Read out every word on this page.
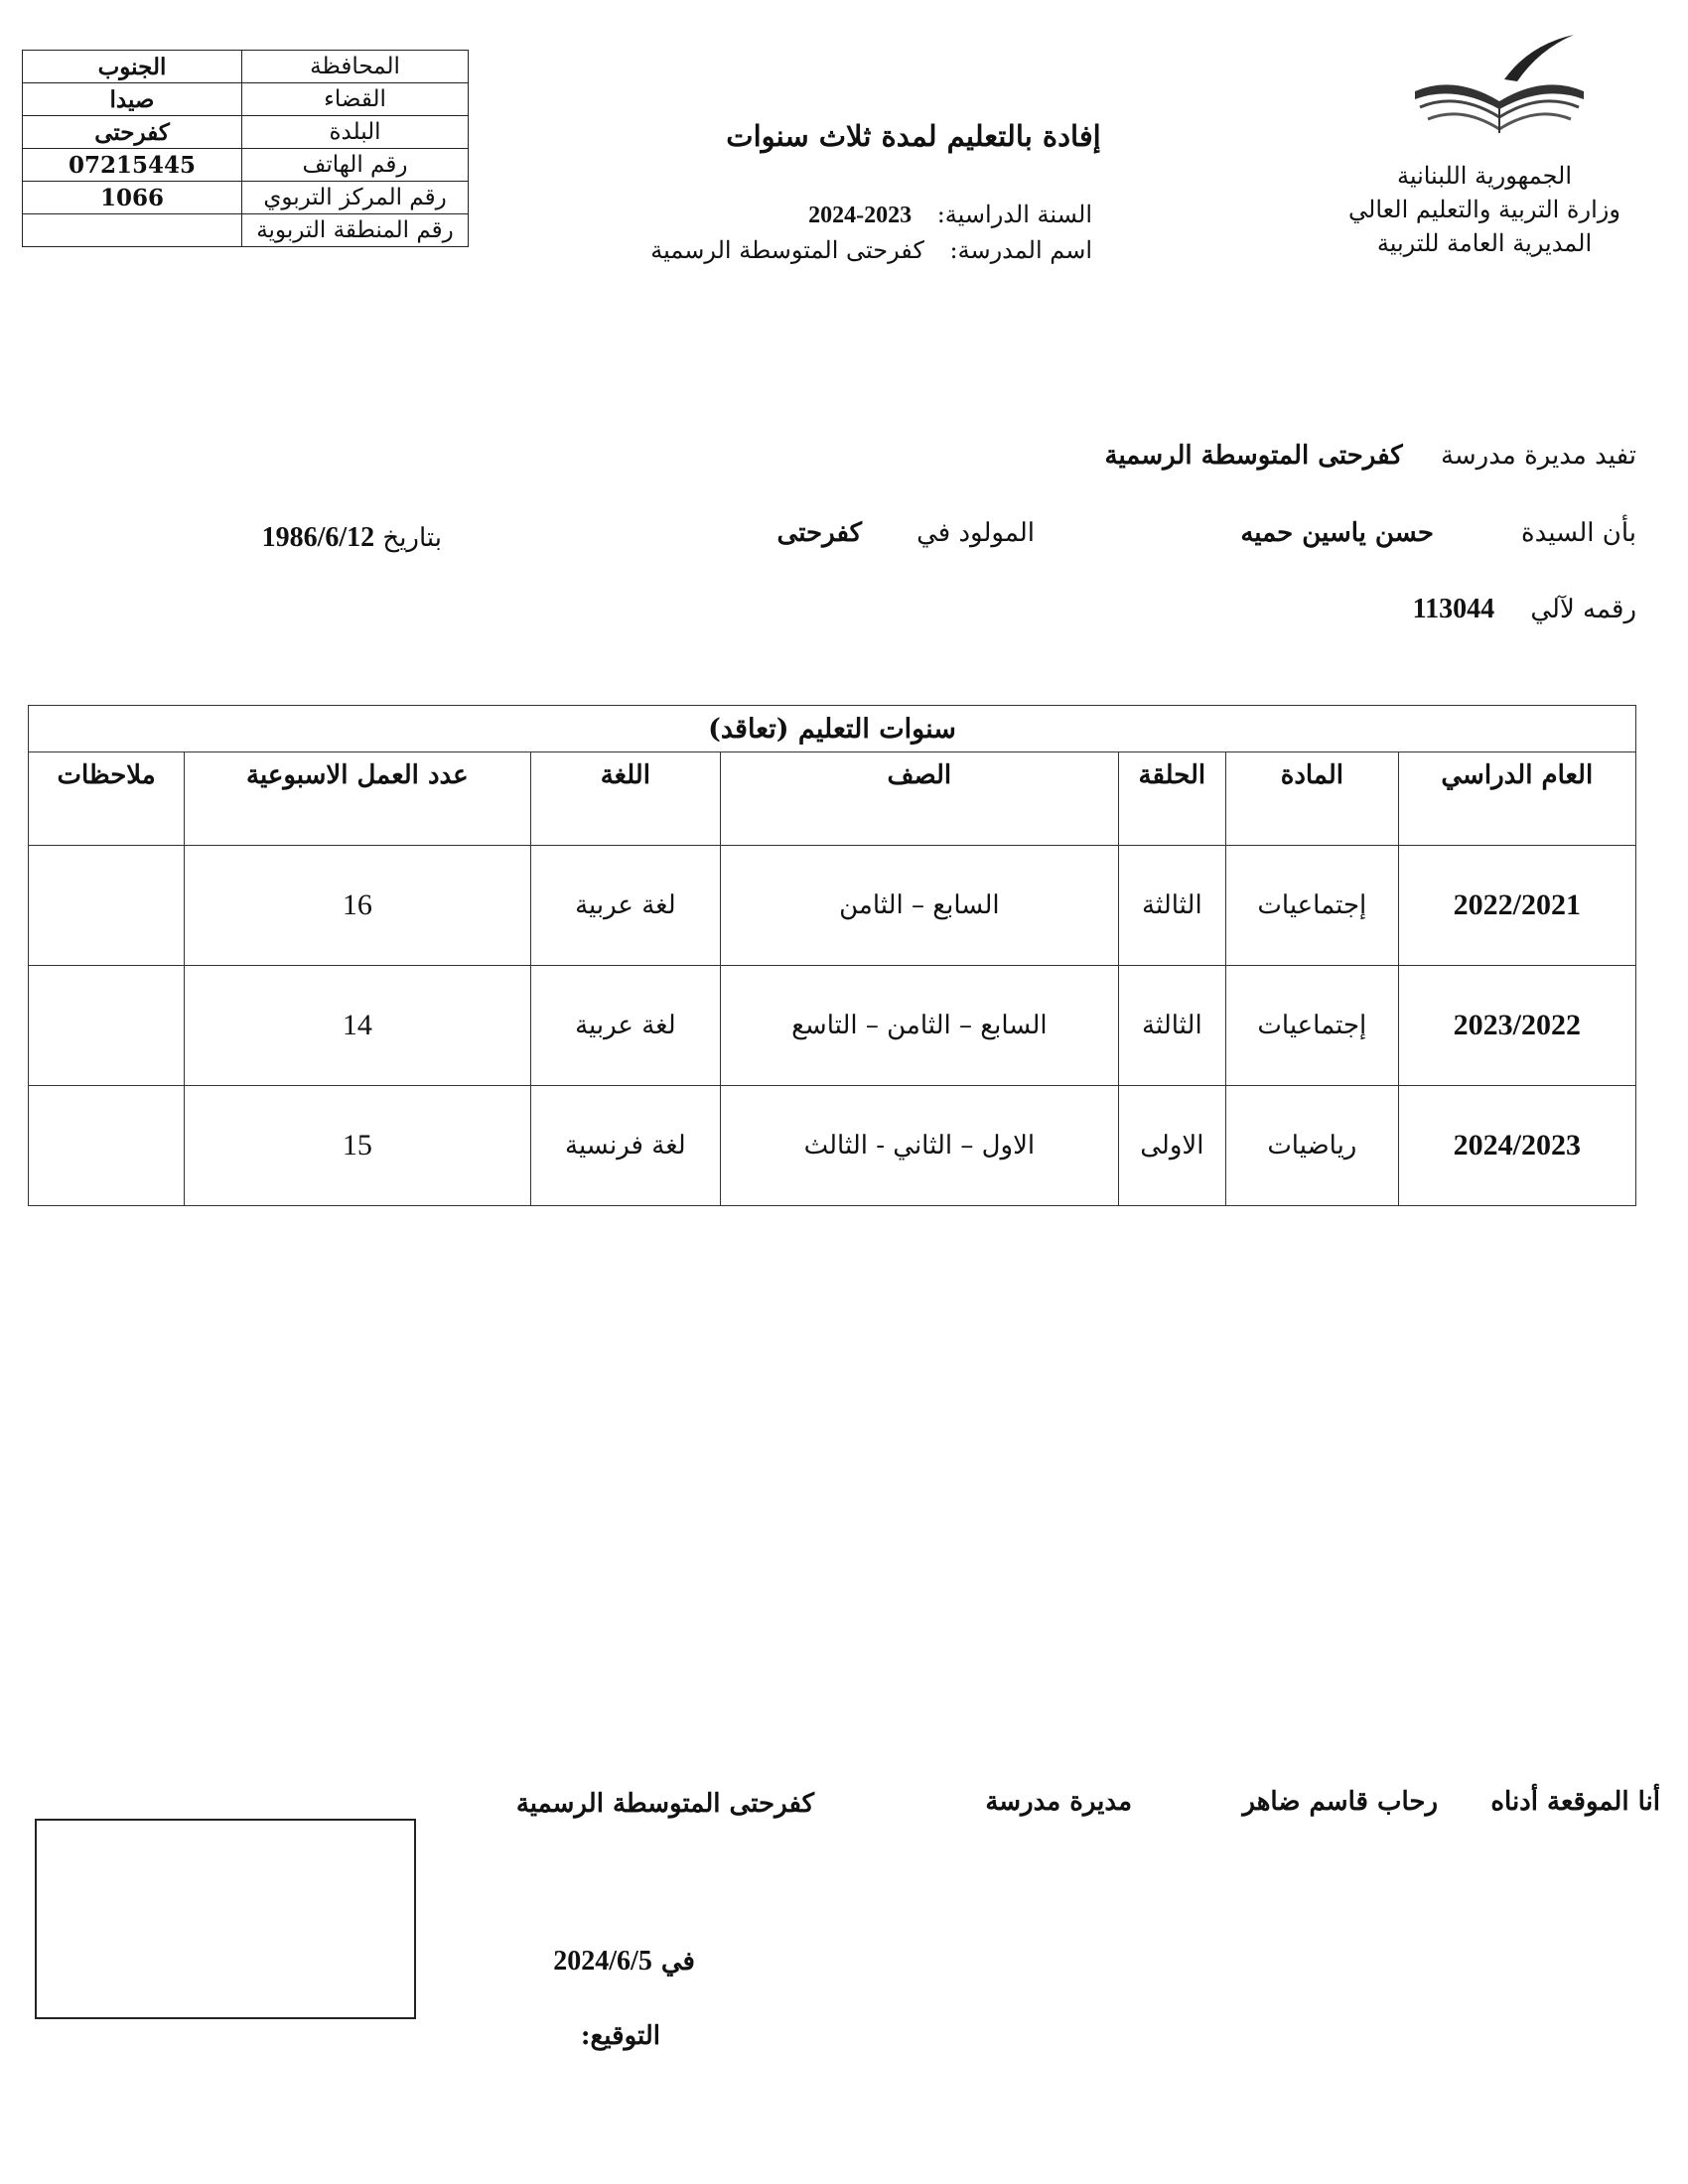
الجمهورية اللبنانية
وزارة التربية والتعليم العالي
المديرية العامة للتربية
إفادة بالتعليم لمدة ثلاث سنوات
السنة الدراسية: 2024-2023
اسم المدرسة: كفرحتى المتوسطة الرسمية
المحافظة	الجنوب
القضاء	صيدا
البلدة	كفرحتى
رقم الهاتف	07215445
رقم المركز التربوي	1066
رقم المنطقة التربوية	
تفيد مديرة مدرسة كفرحتى المتوسطة الرسمية
بأن السيدة
حسن ياسين حميه
المولود في
كفرحتى
بتاريخ 1986/6/12
رقمه لآلي 113044
سنوات التعليم (تعاقد)						
العام الدراسي	المادة	الحلقة	الصف	اللغة	عدد العمل الاسبوعية	ملاحظات
2022/2021	إجتماعيات	الثالثة	السابع – الثامن	لغة عربية	16	
2023/2022	إجتماعيات	الثالثة	السابع – الثامن – التاسع	لغة عربية	14	
2024/2023	رياضيات	الاولى	الاول – الثاني - الثالث	لغة فرنسية	15	
أنا الموقعة أدناه
رحاب قاسم ضاهر
مديرة مدرسة
كفرحتى المتوسطة الرسمية
في 2024/6/5
التوقيع:
